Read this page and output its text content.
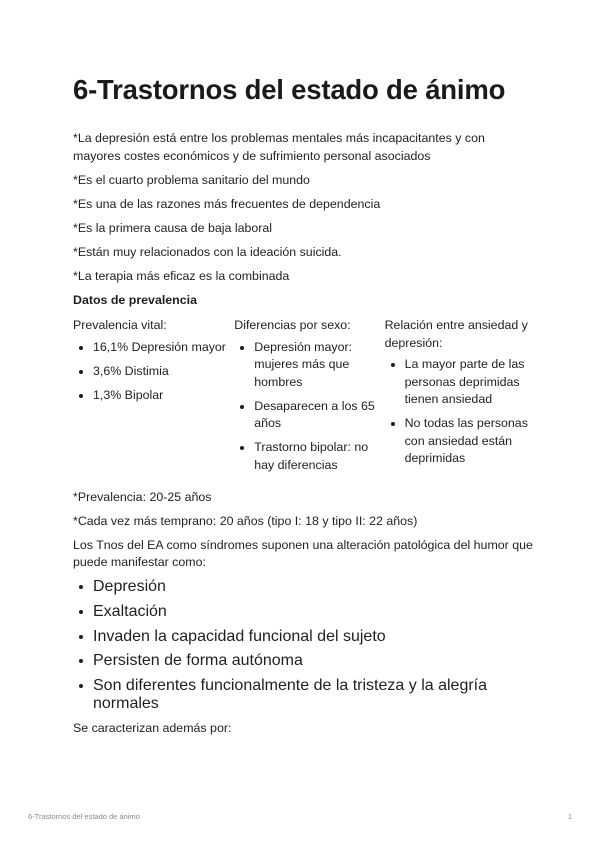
6-Trastornos del estado de ánimo

*La depresión está entre los problemas mentales más incapacitantes y con mayores costes económicos y de sufrimiento personal asociados

*Es el cuarto problema sanitario del mundo

*Es una de las razones más frecuentes de dependencia

*Es la primera causa de baja laboral

*Están muy relacionados con la ideación suicida.

*La terapia más eficaz es la combinada

Datos de prevalencia

Prevalencia vital:

16,1% Depresión mayor
3,6% Distimia
1,3% Bipolar

Diferencias por sexo:

Depresión mayor: mujeres más que hombres
Desaparecen a los 65 años
Trastorno bipolar: no hay diferencias

Relación entre ansiedad y depresión:

La mayor parte de las personas deprimidas tienen ansiedad
No todas las personas con ansiedad están deprimidas

*Prevalencia: 20-25 años

*Cada vez más temprano: 20 años (tipo I: 18 y tipo II: 22 años)

Los Tnos del EA como síndromes suponen una alteración patológica del humor que puede manifestar como:

Depresión
Exaltación
Invaden la capacidad funcional del sujeto
Persisten de forma autónoma
Son diferentes funcionalmente de la tristeza y la alegría normales

Se caracterizan además por:

6-Trastornos del estado de ánimo	1
